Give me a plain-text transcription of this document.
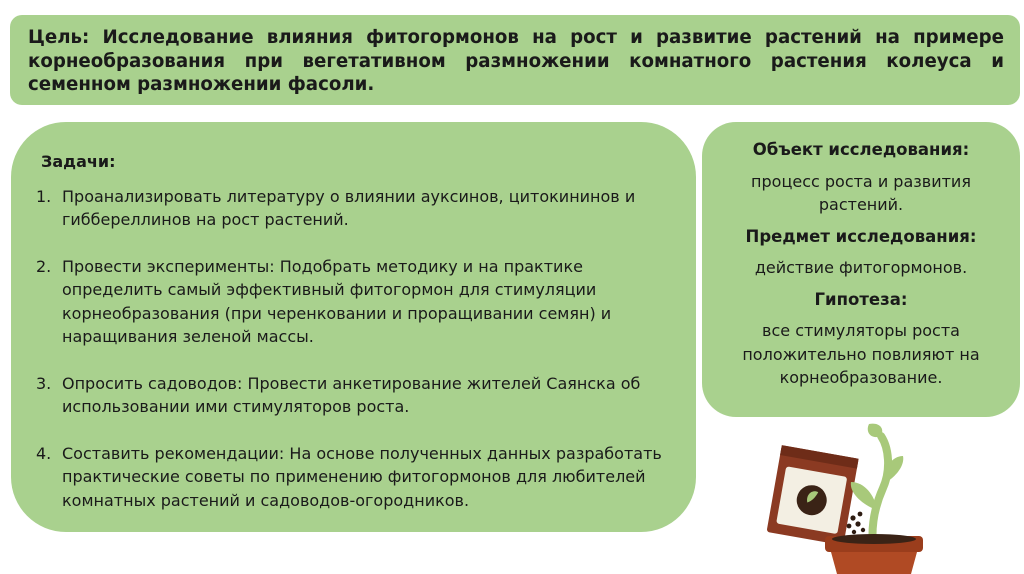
Цель: Исследование влияния фитогормонов на рост и развитие растений на примере корнеобразования при вегетативном размножении комнатного растения колеуса и семенном размножении фасоли.
Задачи:
1. Проанализировать литературу о влиянии ауксинов, цитокининов и гиббереллинов на рост растений.
2. Провести эксперименты: Подобрать методику и на практике определить самый эффективный фитогормон для стимуляции корнеобразования (при черенковании и проращивании семян) и наращивания зеленой массы.
3. Опросить садоводов: Провести анкетирование жителей Саянска об использовании ими стимуляторов роста.
4. Составить рекомендации: На основе полученных данных разработать практические советы по применению фитогормонов для любителей комнатных растений и садоводов-огородников.
Объект исследования:
процесс роста и развития растений.
Предмет исследования:
действие фитогормонов.
Гипотеза:
все стимуляторы роста положительно повлияют на корнеобразование.
